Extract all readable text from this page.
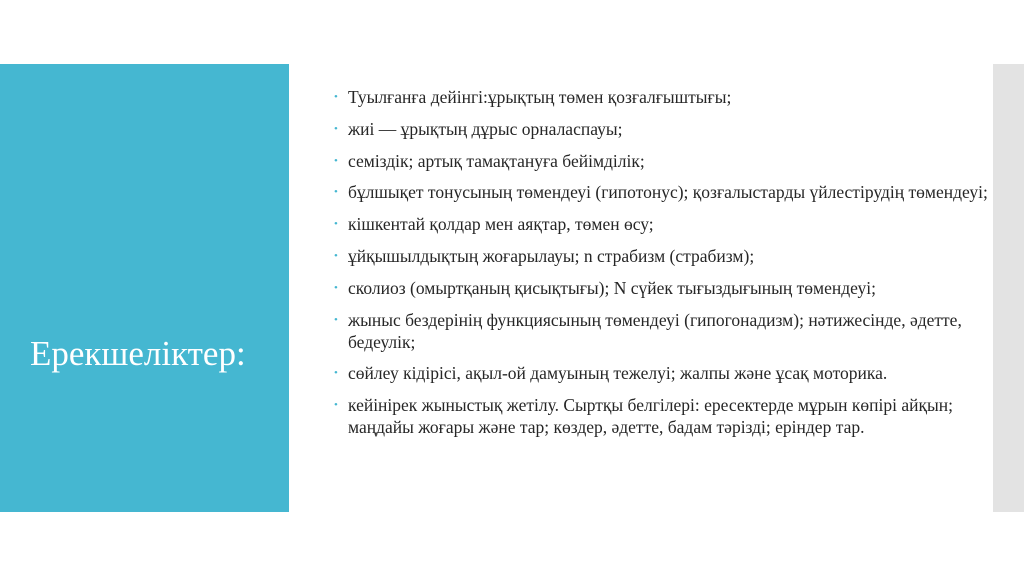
Ерекшеліктер:
• Туылғанға дейінгі:ұрықтың төмен қозғалғыштығы;
• жиі — ұрықтың дұрыс орналаспауы;
• семіздік; артық тамақтануға бейімділік;
• бұлшықет тонусының төмендеуі (гипотонус); қозғалыстарды үйлестірудің төмендеуі;
• кішкентай қолдар мен аяқтар, төмен өсу;
• ұйқышылдықтың жоғарылауы; n страбизм (страбизм);
• сколиоз (омыртқаның қисықтығы); N сүйек тығыздығының төмендеуі;
• жыныс бездерінің функциясының төмендеуі (гипогонадизм); нәтижесінде, әдетте, бедеулік;
• сөйлеу кідірісі, ақыл-ой дамуының тежелуі; жалпы және ұсақ моторика.
• кейінірек жыныстық жетілу. Сыртқы белгілері: ересектерде мұрын көпірі айқын; маңдайы жоғары және тар; көздер, әдетте, бадам тәрізді; еріндер тар.
